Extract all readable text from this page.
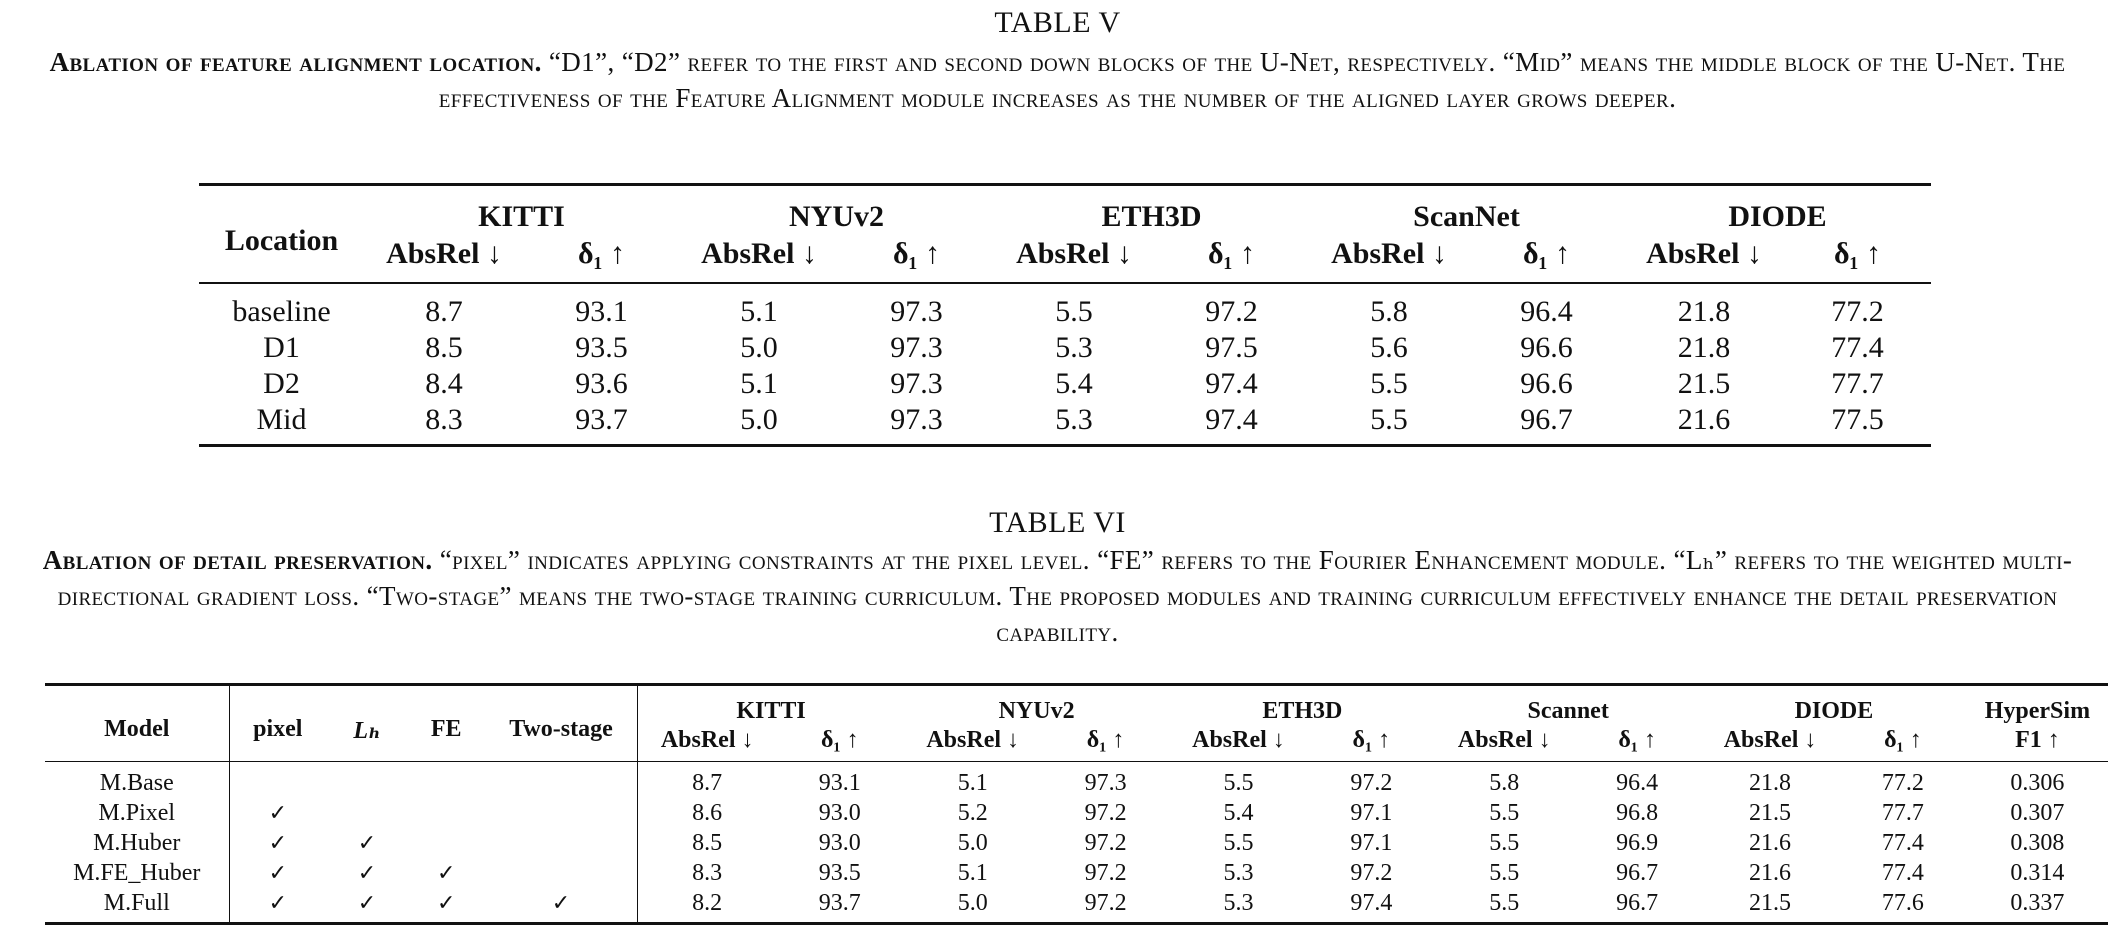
TABLE V
Ablation of feature alignment location. “D1”, “D2” refer to the first and second down blocks of the U-Net, respectively. “Mid” means the middle block of the U-Net. The effectiveness of the Feature Alignment module increases as the number of the aligned layer grows deeper.
Location	KITTI		NYUv2		ETH3D		ScanNet		DIODE	
	AbsRel ↓	δ₁ ↑	AbsRel ↓	δ₁ ↑	AbsRel ↓	δ₁ ↑	AbsRel ↓	δ₁ ↑	AbsRel ↓	δ₁ ↑

baseline	8.7	93.1	5.1	97.3	5.5	97.2	5.8	96.4	21.8	77.2
D1	8.5	93.5	5.0	97.3	5.3	97.5	5.6	96.6	21.8	77.4
D2	8.4	93.6	5.1	97.3	5.4	97.4	5.5	96.6	21.5	77.7
Mid	8.3	93.7	5.0	97.3	5.3	97.4	5.5	96.7	21.6	77.5
TABLE VI
Ablation of detail preservation. “pixel” indicates applying constraints at the pixel level. “FE” refers to the Fourier Enhancement module. “Lₕ” refers to the weighted multi-directional gradient loss. “Two-stage” means the two-stage training curriculum. The proposed modules and training curriculum effectively enhance the detail preservation capability.
Model	pixel	Lₕ	FE	Two-stage	KITTI		NYUv2		ETH3D		Scannet		DIODE		HyperSim
					AbsRel ↓	δ₁ ↑	AbsRel ↓	δ₁ ↑	AbsRel ↓	δ₁ ↑	AbsRel ↓	δ₁ ↑	AbsRel ↓	δ₁ ↑	F1 ↑

M.Base					8.7	93.1	5.1	97.3	5.5	97.2	5.8	96.4	21.8	77.2	0.306
M.Pixel	✓				8.6	93.0	5.2	97.2	5.4	97.1	5.5	96.8	21.5	77.7	0.307
M.Huber	✓	✓			8.5	93.0	5.0	97.2	5.5	97.1	5.5	96.9	21.6	77.4	0.308
M.FE_Huber	✓	✓	✓		8.3	93.5	5.1	97.2	5.3	97.2	5.5	96.7	21.6	77.4	0.314
M.Full	✓	✓	✓	✓	8.2	93.7	5.0	97.2	5.3	97.4	5.5	96.7	21.5	77.6	0.337
